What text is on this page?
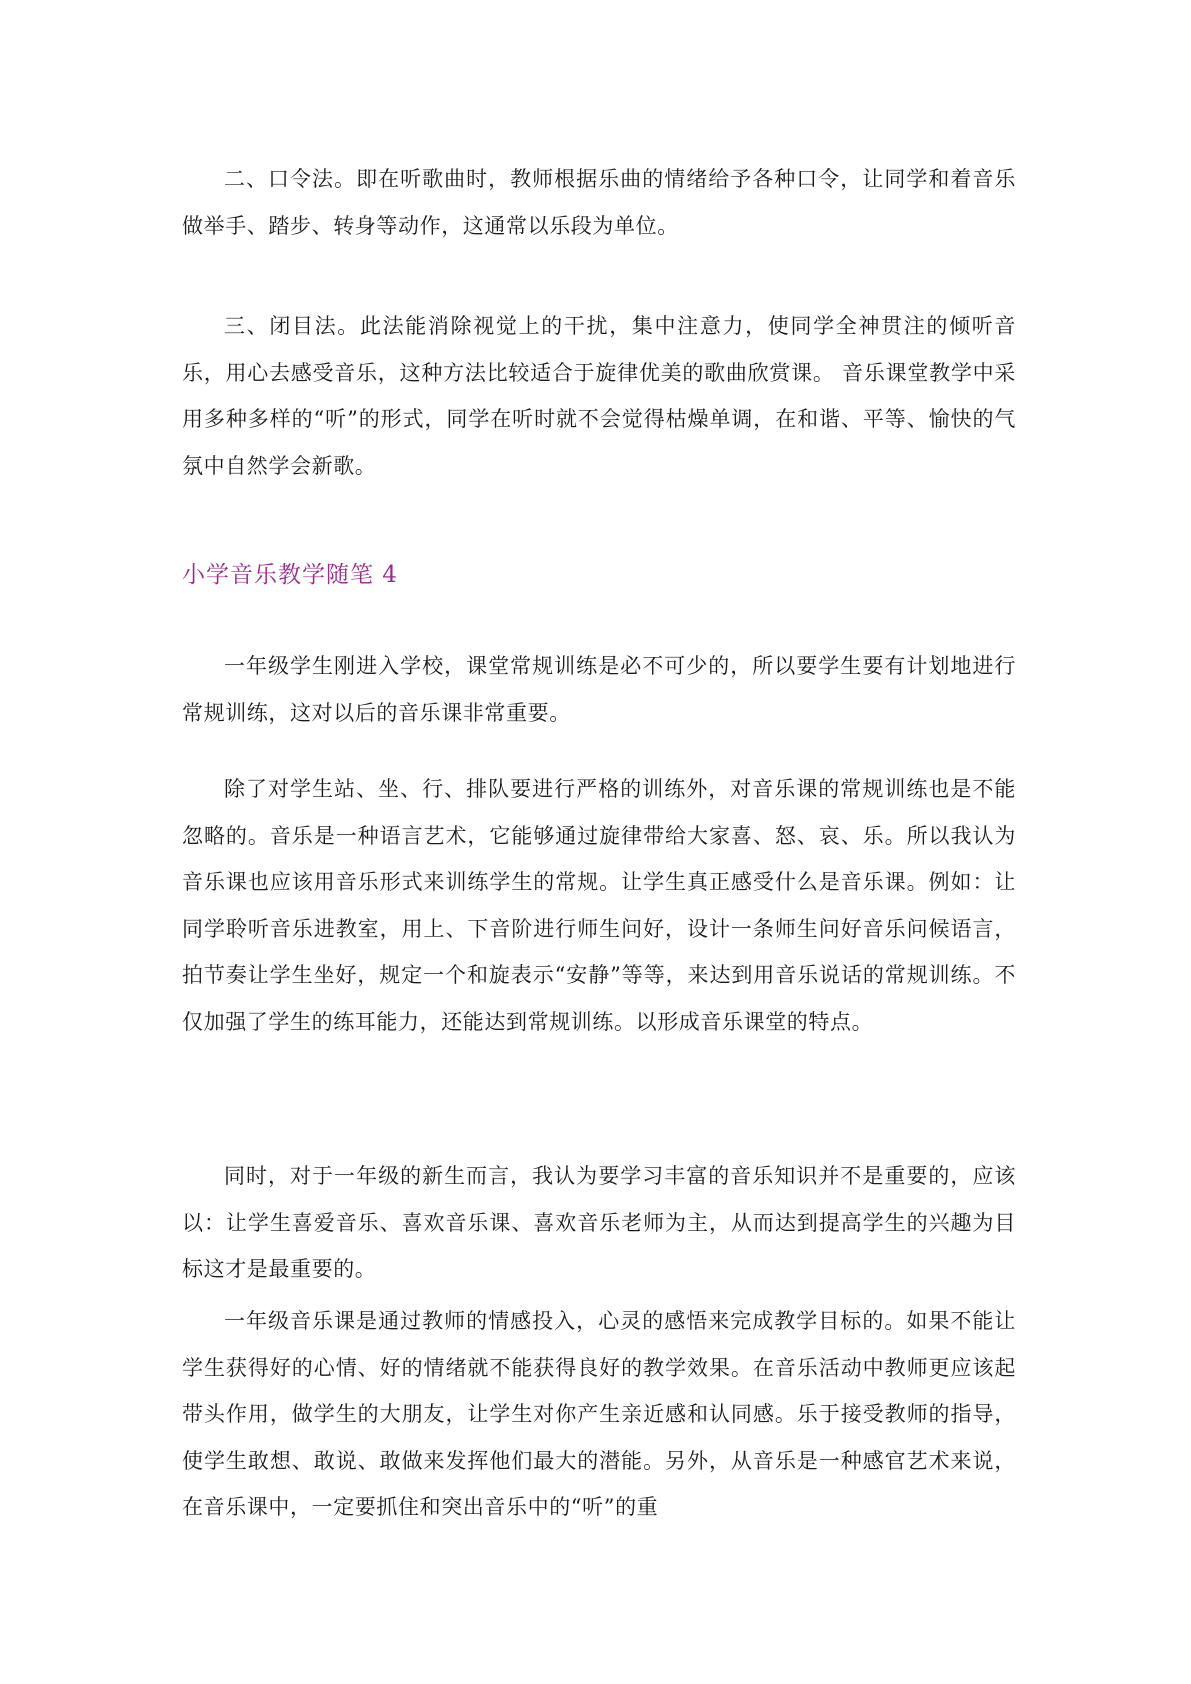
二、口令法。即在听歌曲时，教师根据乐曲的情绪给予各种口令，让同学和着音乐做举手、踏步、转身等动作，这通常以乐段为单位。

三、闭目法。此法能消除视觉上的干扰，集中注意力，使同学全神贯注的倾听音乐，用心去感受音乐，这种方法比较适合于旋律优美的歌曲欣赏课。 音乐课堂教学中采用多种多样的“听”的形式，同学在听时就不会觉得枯燥单调，在和谐、平等、愉快的气氛中自然学会新歌。

小学音乐教学随笔 4

一年级学生刚进入学校，课堂常规训练是必不可少的，所以要学生要有计划地进行常规训练，这对以后的音乐课非常重要。

除了对学生站、坐、行、排队要进行严格的训练外，对音乐课的常规训练也是不能忽略的。音乐是一种语言艺术，它能够通过旋律带给大家喜、怒、哀、乐。所以我认为音乐课也应该用音乐形式来训练学生的常规。让学生真正感受什么是音乐课。例如：让同学聆听音乐进教室，用上、下音阶进行师生问好，设计一条师生问好音乐问候语言，拍节奏让学生坐好，规定一个和旋表示“安静”等等，来达到用音乐说话的常规训练。不仅加强了学生的练耳能力，还能达到常规训练。以形成音乐课堂的特点。

同时，对于一年级的新生而言，我认为要学习丰富的音乐知识并不是重要的，应该以：让学生喜爱音乐、喜欢音乐课、喜欢音乐老师为主，从而达到提高学生的兴趣为目标这才是最重要的。

一年级音乐课是通过教师的情感投入，心灵的感悟来完成教学目标的。如果不能让学生获得好的心情、好的情绪就不能获得良好的教学效果。在音乐活动中教师更应该起带头作用，做学生的大朋友，让学生对你产生亲近感和认同感。乐于接受教师的指导，使学生敢想、敢说、敢做来发挥他们最大的潜能。另外，从音乐是一种感官艺术来说，在音乐课中，一定要抓住和突出音乐中的“听”的重
